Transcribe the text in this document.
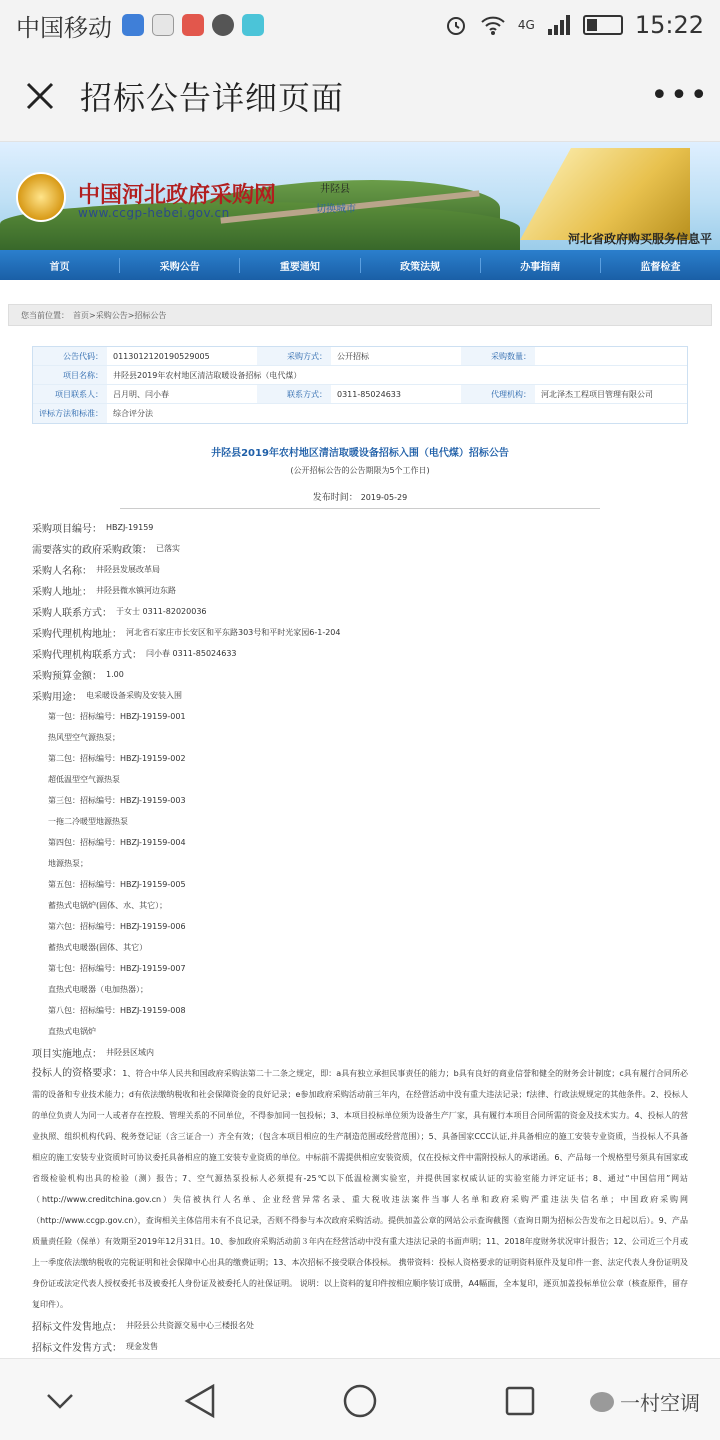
中国移动	4G	15:22
招标公告详细页面	•••
中国河北政府采购网
www.ccgp-hebei.gov.cn
井陉县
切换城市
河北省政府购买服务信息平
首页	采购公告	重要通知	政策法规	办事指南	监督检查
您当前位置：　首页>采购公告>招标公告
公告代码：	0113012120190529005	采购方式：	公开招标	采购数量：
项目名称：	井陉县2019年农村地区清洁取暖设备招标（电代煤）
项目联系人：	吕月明、闫小春	联系方式：	0311-85024633	代理机构：	河北泽杰工程项目管理有限公司
评标方法和标准：	综合评分法
井陉县2019年农村地区清洁取暖设备招标入围（电代煤）招标公告
(公开招标公告的公告期限为5个工作日)
发布时间： 2019-05-29
采购项目编号： HBZJ-19159
需要落实的政府采购政策： 已落实
采购人名称： 井陉县发展改革局
采购人地址： 井陉县微水镇河边东路
采购人联系方式： 于女士 0311-82020036
采购代理机构地址： 河北省石家庄市长安区和平东路303号和平时光家园6-1-204
采购代理机构联系方式： 闫小春 0311-85024633
采购预算金额： 1.00
采购用途： 电采暖设备采购及安装入围
第一包：招标编号：HBZJ-19159-001
热风型空气源热泵；
第二包：招标编号：HBZJ-19159-002
超低温型空气源热泵
第三包：招标编号：HBZJ-19159-003
一拖二冷暖型地源热泵
第四包：招标编号：HBZJ-19159-004
地源热泵；
第五包：招标编号：HBZJ-19159-005
蓄热式电锅炉(固体、水、其它）；
第六包：招标编号：HBZJ-19159-006
蓄热式电暖器(固体、其它）
第七包：招标编号：HBZJ-19159-007
直热式电暖器（电加热器）；
第八包：招标编号：HBZJ-19159-008
直热式电锅炉
项目实施地点： 井陉县区域内
投标人的资格要求：1、符合中华人民共和国政府采购法第二十二条之规定，即：a具有独立承担民事责任的能力；b具有良好的商业信誉和健全的财务会计制度；c具有履行合同所必需的设备和专业技术能力；d有依法缴纳税收和社会保障资金的良好记录；e参加政府采购活动前三年内，在经营活动中没有重大违法记录；f法律、行政法规规定的其他条件。2、投标人的单位负责人为同一人或者存在控股、管理关系的不同单位，不得参加同一包投标；3、本项目投标单位须为设备生产厂家，具有履行本项目合同所需的资金及技术实力。4、投标人的营业执照、组织机构代码、税务登记证（含三证合一）齐全有效；（包含本项目相应的生产制造范围或经营范围）；5、具备国家CCC认证,并具备相应的施工安装专业资质，当投标人不具备相应的施工安装专业资质时可协议委托具备相应的施工安装专业资质的单位。中标前不需提供相应安装资质，仅在投标文件中需附投标人的承诺函。6、产品每一个规格型号须具有国家或省级检验机构出具的检验（测）报告；7、空气源热泵投标人必须提有-25℃以下低温检测实验室，并提供国家权威认证的实验室能力评定证书；8、通过“中国信用”网站（http://www.creditchina.gov.cn）失信被执行人名单、企业经营异常名录、重大税收违法案件当事人名单和政府采购严重违法失信名单；中国政府采购网（http://www.ccgp.gov.cn），查询相关主体信用未有不良记录，否则不得参与本次政府采购活动。提供加盖公章的网站公示查询截图（查询日期为招标公告发布之日起以后）。9、产品质量责任险（保单）有效期至2019年12月31日。10、参加政府采购活动前３年内在经营活动中没有重大违法记录的书面声明；11、2018年度财务状况审计报告；12、公司近三个月或上一季度依法缴纳税收的完税证明和社会保障中心出具的缴费证明；13、本次招标不接受联合体投标。 携带资料：投标人资格要求的证明资料原件及复印件一套、法定代表人身份证明及身份证或法定代表人授权委托书及被委托人身份证及被委托人的社保证明。 说明：以上资料的复印件按相应顺序装订成册，A4幅面，全本复印，逐页加盖投标单位公章（核查原件，留存复印件）。
招标文件发售地点： 井陉县公共资源交易中心三楼报名处
招标文件发售方式： 现金发售
一村空调
